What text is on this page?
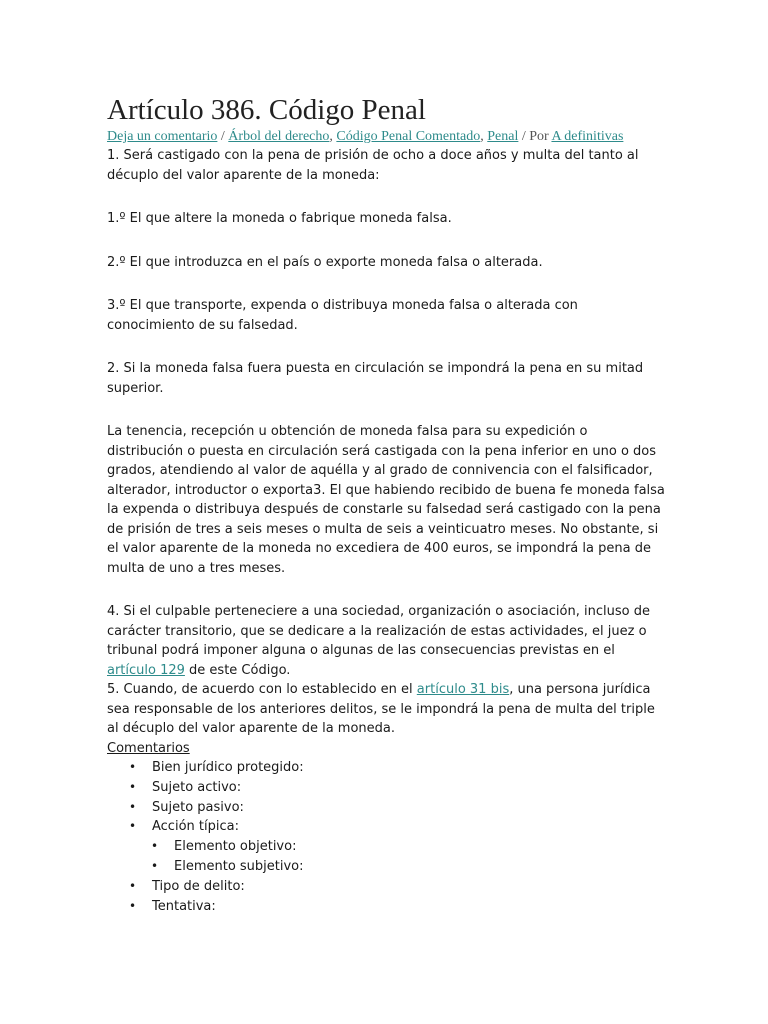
Artículo 386. Código Penal
Deja un comentario / Árbol del derecho, Código Penal Comentado, Penal / Por A definitivas

1. Será castigado con la pena de prisión de ocho a doce años y multa del tanto al décuplo del valor aparente de la moneda:

1.º El que altere la moneda o fabrique moneda falsa.

2.º El que introduzca en el país o exporte moneda falsa o alterada.

3.º El que transporte, expenda o distribuya moneda falsa o alterada con conocimiento de su falsedad.

2. Si la moneda falsa fuera puesta en circulación se impondrá la pena en su mitad superior.

La tenencia, recepción u obtención de moneda falsa para su expedición o distribución o puesta en circulación será castigada con la pena inferior en uno o dos grados, atendiendo al valor de aquélla y al grado de connivencia con el falsificador, alterador, introductor o exporta3. El que habiendo recibido de buena fe moneda falsa la expenda o distribuya después de constarle su falsedad será castigado con la pena de prisión de tres a seis meses o multa de seis a veinticuatro meses. No obstante, si el valor aparente de la moneda no excediera de 400 euros, se impondrá la pena de multa de uno a tres meses.

4. Si el culpable perteneciere a una sociedad, organización o asociación, incluso de carácter transitorio, que se dedicare a la realización de estas actividades, el juez o tribunal podrá imponer alguna o algunas de las consecuencias previstas en el artículo 129 de este Código.

5. Cuando, de acuerdo con lo establecido en el artículo 31 bis, una persona jurídica sea responsable de los anteriores delitos, se le impondrá la pena de multa del triple al décuplo del valor aparente de la moneda.

Comentarios

• Bien jurídico protegido:
• Sujeto activo:
• Sujeto pasivo:
• Acción típica:
• Elemento objetivo:
• Elemento subjetivo:
• Tipo de delito:
• Tentativa:
